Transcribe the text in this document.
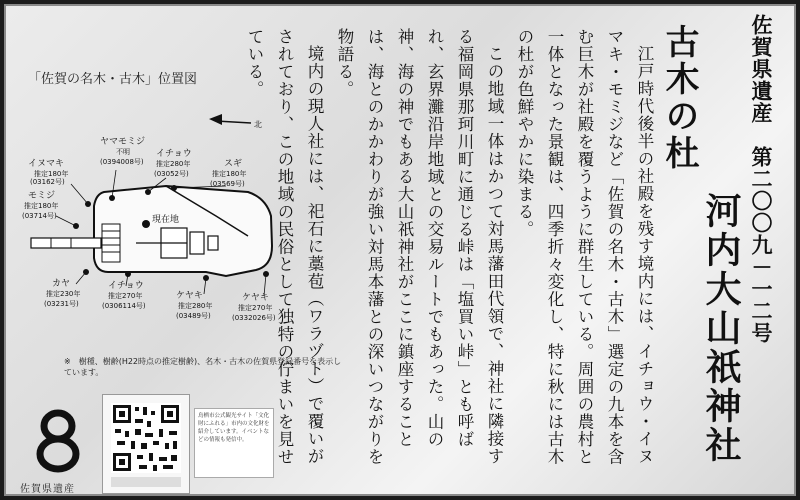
佐賀県遺産　第二〇〇九－一二号
古木の杜
河内大山祇神社

江戸時代後半の社殿を残す境内には、イチョウ・イヌマキ・モミジなど「佐賀の名木・古木」選定の九本を含む巨木が社殿を覆うように群生している。周囲の農村と一体となった景観は、四季折々変化し、特に秋には古木の杜が色鮮やかに染まる。

この地域一体はかつて対馬藩田代領で、神社に隣接する福岡県那珂川町に通じる峠は「塩買い峠」とも呼ばれ、玄界灘沿岸地域との交易ルートでもあった。山の神、海の神でもある大山祇神社がここに鎮座することは、海とのかかわりが強い対馬本藩との深いつながりを物語る。

境内の現人社には、祀石に藁苞（ワラヅト）で覆いがされており、この地域の民俗として独特の佇まいを見せている。

「佐賀の名木・古木」位置図
北
現在地
イヌマキ
推定180年
(03162号)
ヤマモミジ
不明
(0394008号)
イチョウ
推定280年
(03052号)
スギ
推定180年
(03569号)
モミジ
推定180年
(03714号)
カヤ
推定230年
(03231号)
イチョウ
推定270年
(0306114号)
ケヤキ
推定280年
(03489号)
ケヤキ
推定270年
(0332026号)
※　樹種、樹齢(H22時点の推定樹齢)、名木・古木の佐賀県登録番号を表示しています。
佐賀県遺産
鳥栖市公式観光サイト「文化財にふれる」市内の文化財を紹介しています。イベントなどの情報も発信中。
